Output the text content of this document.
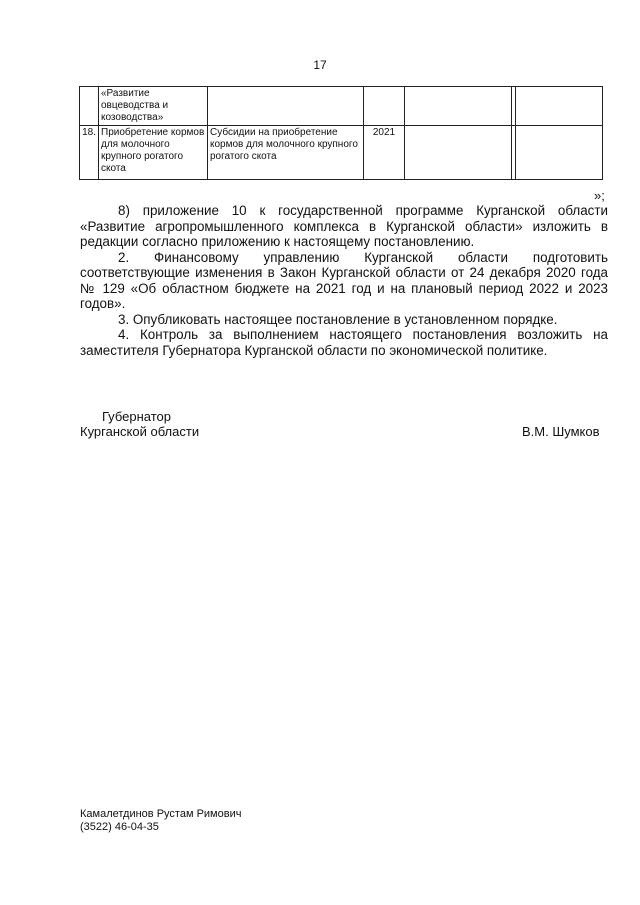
17
	«Развитие овцеводства и козоводства»					
18.	Приобретение кормов для молочного крупного рогатого скота	Субсидии на приобретение кормов для молочного крупного рогатого скота	2021			
»;

8) приложение 10 к государственной программе Курганской области «Развитие агропромышленного комплекса в Курганской области» изложить в редакции согласно приложению к настоящему постановлению.

2. Финансовому управлению Курганской области подготовить соответствующие изменения в Закон Курганской области от 24 декабря 2020 года № 129 «Об областном бюджете на 2021 год и на плановый период 2022 и 2023 годов».

3. Опубликовать настоящее постановление в установленном порядке.

4. Контроль за выполнением настоящего постановления возложить на заместителя Губернатора Курганской области по экономической политике.

Губернатор
Курганской области	В.М. Шумков
Камалетдинов Рустам Римович
(3522) 46-04-35
